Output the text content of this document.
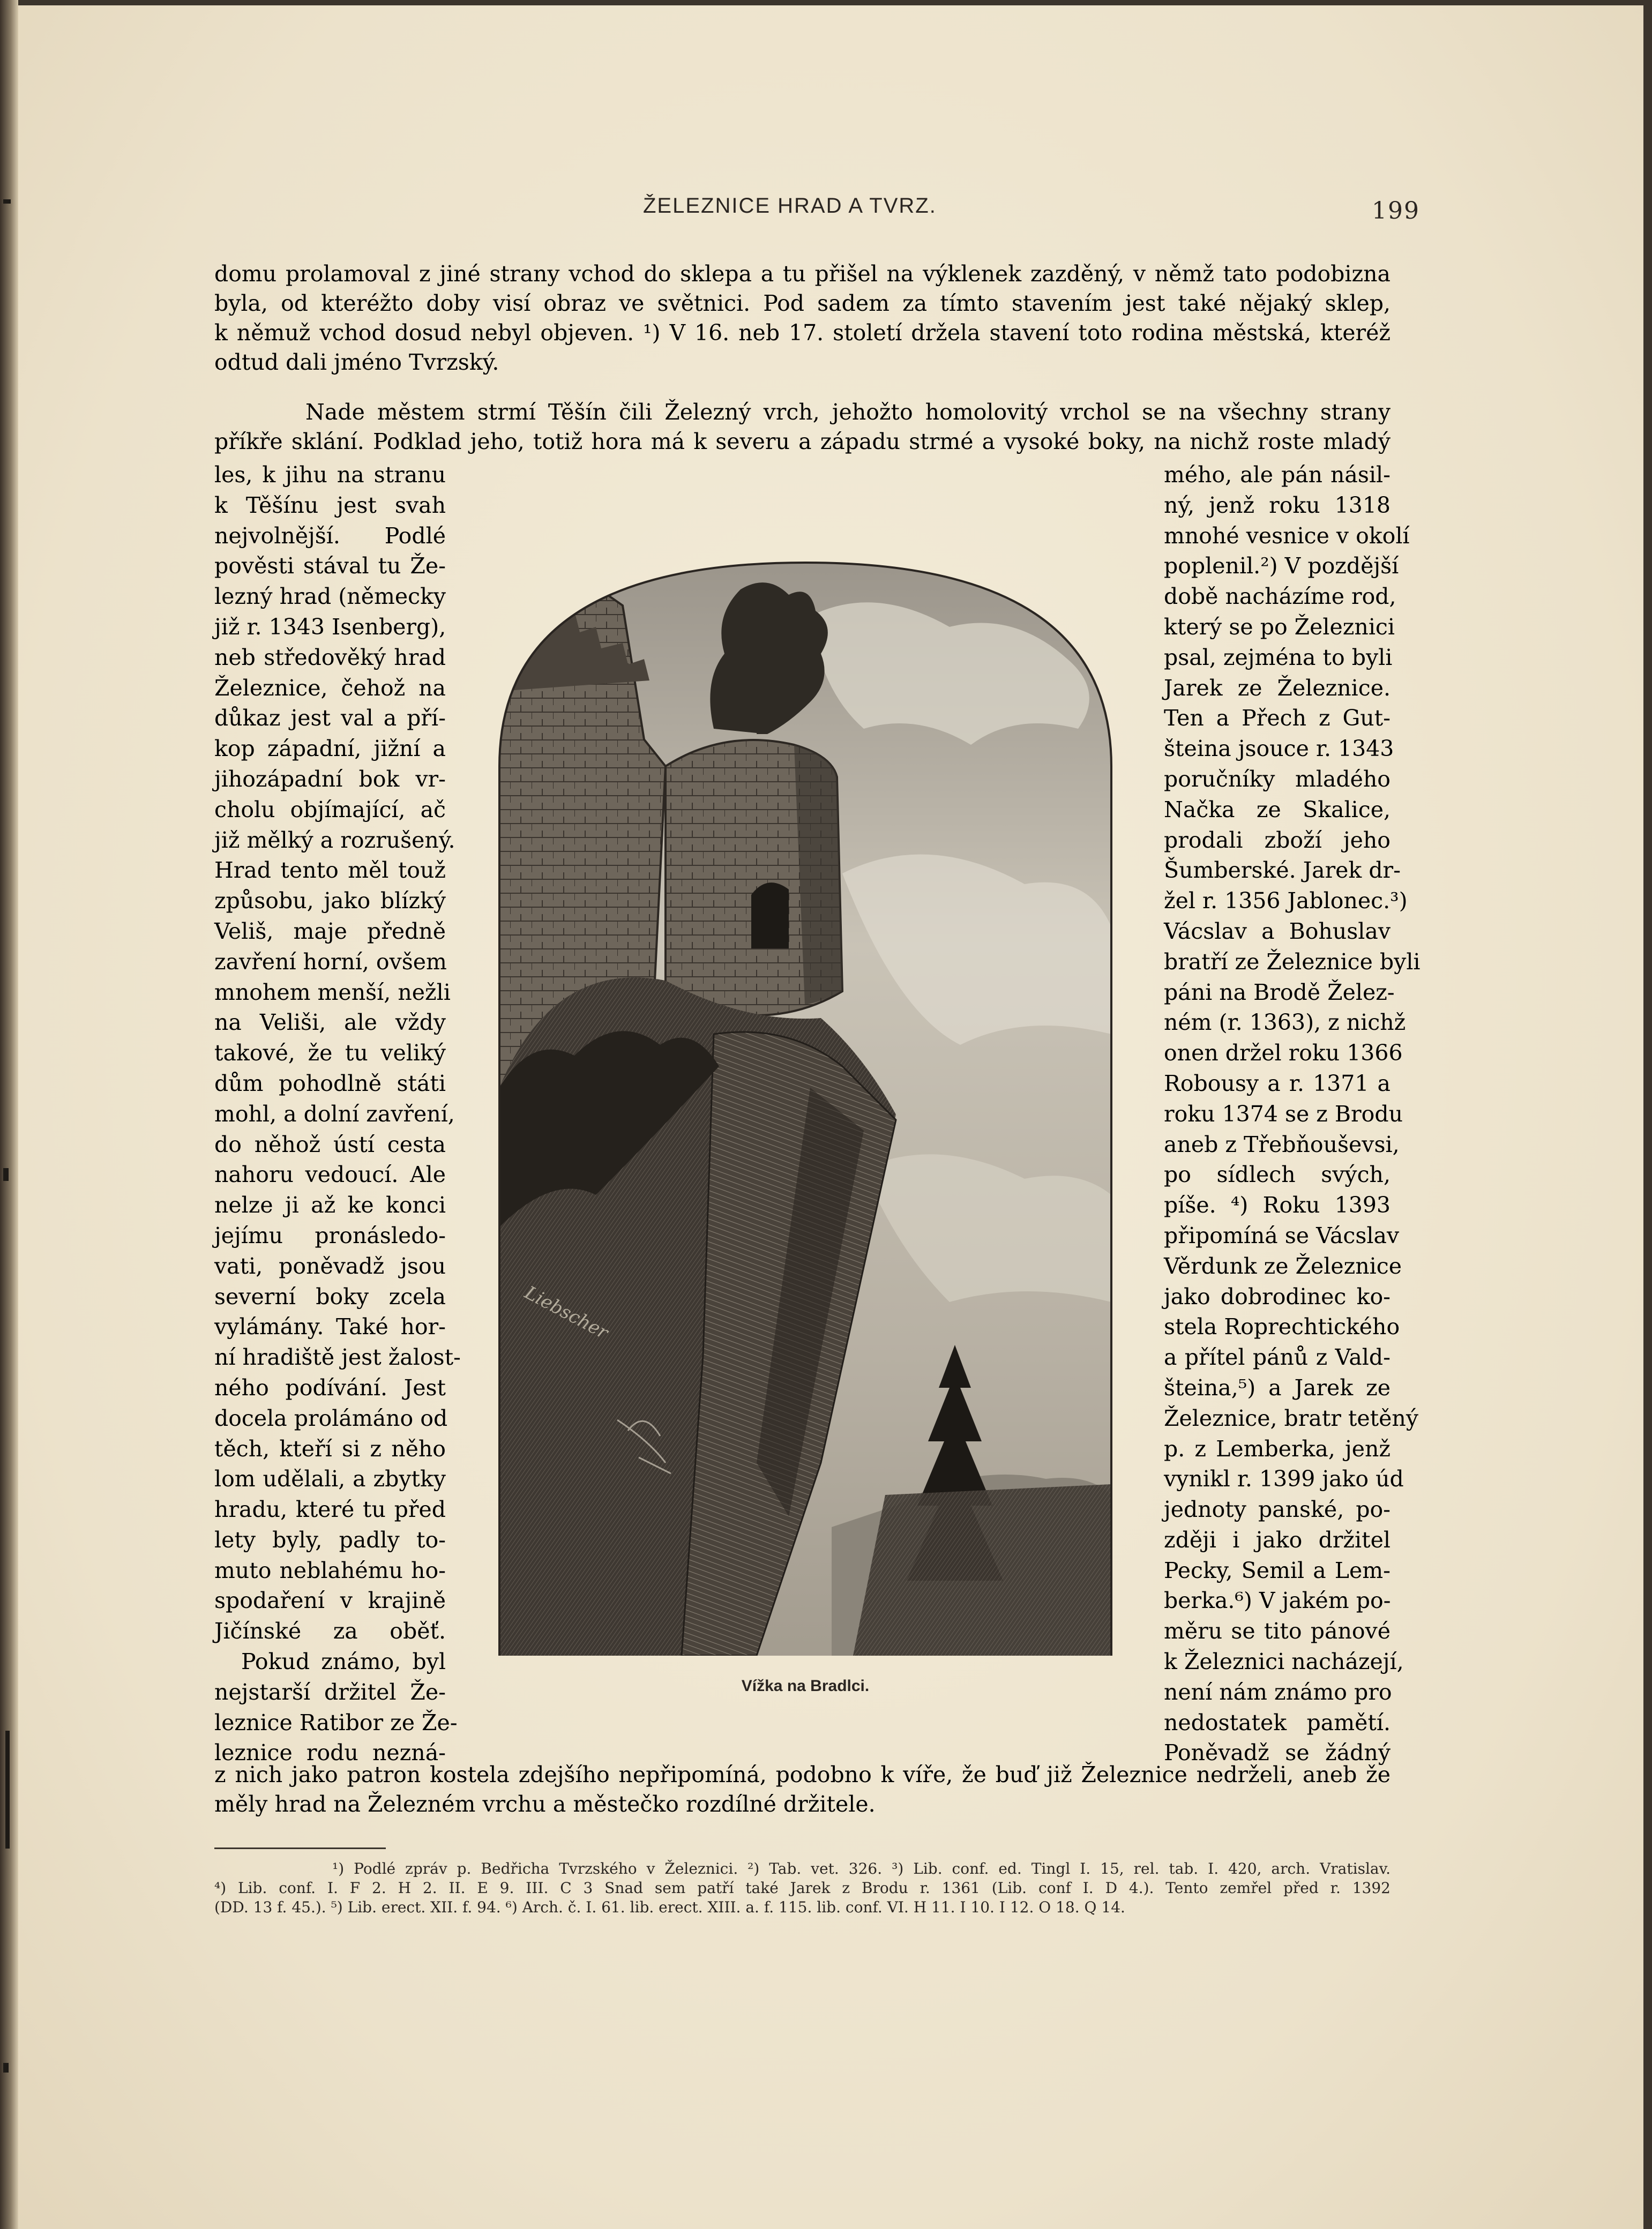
ŽELEZNICE HRAD A TVRZ.	199
domu prolamoval z jiné strany vchod do sklepa a tu přišel na výklenek zazděný, v němž tato podobizna
byla, od kteréžto doby visí obraz ve světnici. Pod sadem za tímto stavením jest také nějaký sklep,
k němuž vchod dosud nebyl objeven. ¹) V 16. neb 17. století držela stavení toto rodina městská, kteréž
odtud dali jméno Tvrzský.
Nade městem strmí Těšín čili Železný vrch, jehožto homolovitý vrchol se na všechny strany
příkře sklání. Podklad jeho, totiž hora má k severu a západu strmé a vysoké boky, na nichž roste mladý
les, k jihu na stranu
k Těšínu jest svah
nejvolnější. Podlé
pověsti stával tu Že-
lezný hrad (německy
již r. 1343 Isenberg),
neb středověký hrad
Železnice, čehož na
důkaz jest val a pří-
kop západní, jižní a
jihozápadní bok vr-
cholu objímající, ač
již mělký a rozrušený.
Hrad tento měl touž
způsobu, jako blízký
Veliš, maje předně
zavření horní, ovšem
mnohem menší, nežli
na Veliši, ale vždy
takové, že tu veliký
dům pohodlně státi
mohl, a dolní zavření,
do něhož ústí cesta
nahoru vedoucí. Ale
nelze ji až ke konci
jejímu pronásledo-
vati, poněvadž jsou
severní boky zcela
vylámány. Také hor-
ní hradiště jest žalost-
ného podívání. Jest
docela prolámáno od
těch, kteří si z něho
lom udělali, a zbytky
hradu, které tu před
lety byly, padly to-
muto neblahému ho-
spodaření v krajině
Jičínské za oběť.
Pokud známo, byl
nejstarší držitel Že-
leznice Ratibor ze Že-
leznice rodu nezná-
mého, ale pán násil-
ný, jenž roku 1318
mnohé vesnice v okolí
poplenil.²) V pozdější
době nacházíme rod,
který se po Železnici
psal, zejména to byli
Jarek ze Železnice.
Ten a Přech z Gut-
šteina jsouce r. 1343
poručníky mladého
Načka ze Skalice,
prodali zboží jeho
Šumberské. Jarek dr-
žel r. 1356 Jablonec.³)
Vácslav a Bohuslav
bratří ze Železnice byli
páni na Brodě Želez-
ném (r. 1363), z nichž
onen držel roku 1366
Robousy a r. 1371 a
roku 1374 se z Brodu
aneb z Třebňouševsi,
po sídlech svých,
píše. ⁴) Roku 1393
připomíná se Vácslav
Věrdunk ze Železnice
jako dobrodinec ko-
stela Roprechtického
a přítel pánů z Vald-
šteina,⁵) a Jarek ze
Železnice, bratr tetěný
p. z Lemberka, jenž
vynikl r. 1399 jako úd
jednoty panské, po-
zději i jako držitel
Pecky, Semil a Lem-
berka.⁶) V jakém po-
měru se tito pánové
k Železnici nacházejí,
není nám známo pro
nedostatek pamětí.
Poněvadž se žádný
Liebscher
Vížka na Bradlci.
z nich jako patron kostela zdejšího nepřipomíná, podobno k víře, že buď již Železnice nedrželi, aneb že
měly hrad na Železném vrchu a městečko rozdílné držitele.
¹) Podlé zpráv p. Bedřicha Tvrzského v Železnici. ²) Tab. vet. 326. ³) Lib. conf. ed. Tingl I. 15, rel. tab. I. 420, arch. Vratislav.
⁴) Lib. conf. I. F 2. H 2. II. E 9. III. C 3 Snad sem patří také Jarek z Brodu r. 1361 (Lib. conf I. D 4.). Tento zemřel před r. 1392
(DD. 13 f. 45.). ⁵) Lib. erect. XII. f. 94. ⁶) Arch. č. I. 61. lib. erect. XIII. a. f. 115. lib. conf. VI. H 11. I 10. I 12. O 18. Q 14.
